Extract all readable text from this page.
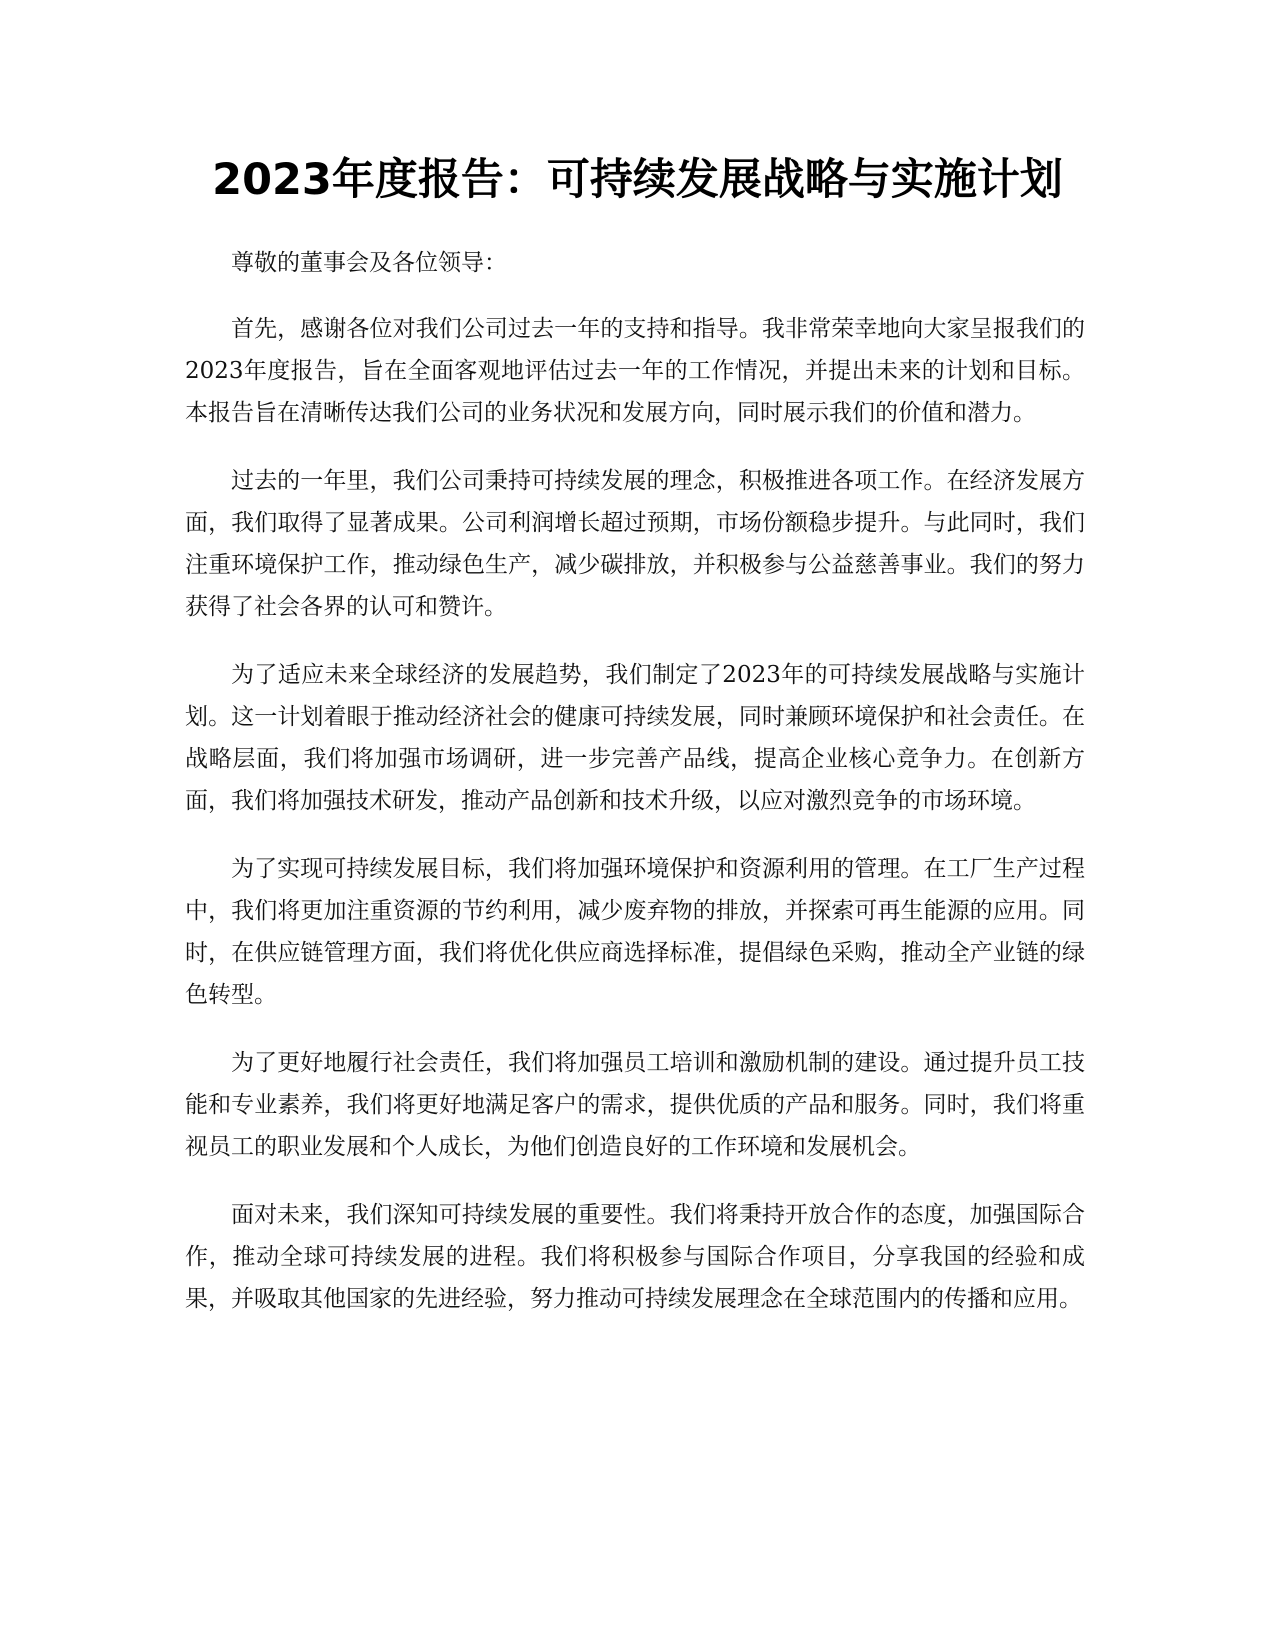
2023年度报告：可持续发展战略与实施计划

尊敬的董事会及各位领导：

首先，感谢各位对我们公司过去一年的支持和指导。我非常荣幸地向大家呈报我们的2023年度报告，旨在全面客观地评估过去一年的工作情况，并提出未来的计划和目标。本报告旨在清晰传达我们公司的业务状况和发展方向，同时展示我们的价值和潜力。

过去的一年里，我们公司秉持可持续发展的理念，积极推进各项工作。在经济发展方面，我们取得了显著成果。公司利润增长超过预期，市场份额稳步提升。与此同时，我们注重环境保护工作，推动绿色生产，减少碳排放，并积极参与公益慈善事业。我们的努力获得了社会各界的认可和赞许。

为了适应未来全球经济的发展趋势，我们制定了2023年的可持续发展战略与实施计划。这一计划着眼于推动经济社会的健康可持续发展，同时兼顾环境保护和社会责任。在战略层面，我们将加强市场调研，进一步完善产品线，提高企业核心竞争力。在创新方面，我们将加强技术研发，推动产品创新和技术升级，以应对激烈竞争的市场环境。

为了实现可持续发展目标，我们将加强环境保护和资源利用的管理。在工厂生产过程中，我们将更加注重资源的节约利用，减少废弃物的排放，并探索可再生能源的应用。同时，在供应链管理方面，我们将优化供应商选择标准，提倡绿色采购，推动全产业链的绿色转型。

为了更好地履行社会责任，我们将加强员工培训和激励机制的建设。通过提升员工技能和专业素养，我们将更好地满足客户的需求，提供优质的产品和服务。同时，我们将重视员工的职业发展和个人成长，为他们创造良好的工作环境和发展机会。

面对未来，我们深知可持续发展的重要性。我们将秉持开放合作的态度，加强国际合作，推动全球可持续发展的进程。我们将积极参与国际合作项目，分享我国的经验和成果，并吸取其他国家的先进经验，努力推动可持续发展理念在全球范围内的传播和应用。
